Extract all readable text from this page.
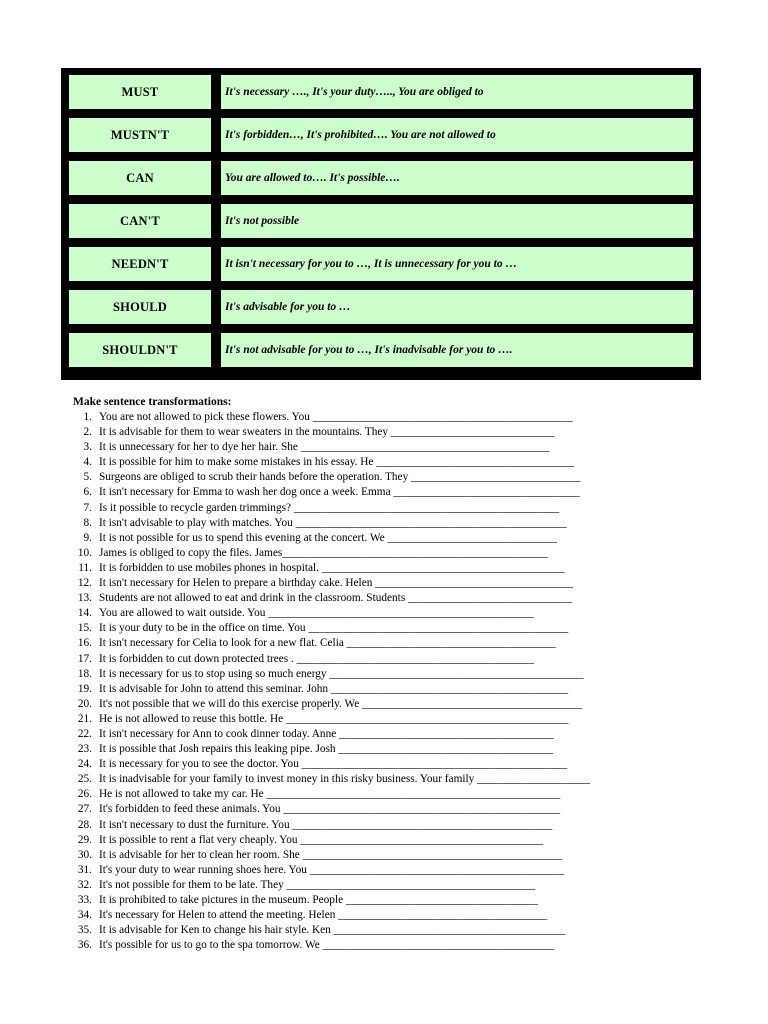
MUST	It's necessary …., It's your duty….., You are obliged to
MUSTN'T	It's forbidden…, It's prohibited…. You are not allowed to
CAN	You are allowed to…. It's possible….
CAN'T	It's not possible
NEEDN'T	It isn't necessary for you to …, It is unnecessary for you to …
SHOULD	It's advisable for you to …
SHOULDN'T	It's not advisable for you to …, It's inadvisable for you to ….
Make sentence transformations:
1. You are not allowed to pick these flowers. You ______________________________________________
2. It is advisable for them to wear sweaters in the mountains. They _____________________________
3. It is unnecessary for her to dye her hair. She ____________________________________________
4. It is possible for him to make some mistakes in his essay. He ___________________________________
5. Surgeons are obliged to scrub their hands before the operation. They ______________________________
6. It isn't necessary for Emma to wash her dog once a week. Emma _________________________________
7. Is it possible to recycle garden trimmings? _______________________________________________
8. It isn't advisable to play with matches. You ________________________________________________
9. It is not possible for us to spend this evening at the concert. We ______________________________
10. James is obliged to copy the files. James_______________________________________________
11. It is forbidden to use mobiles phones in hospital. ___________________________________________
12. It isn't necessary for Helen to prepare a birthday cake. Helen ___________________________________
13. Students are not allowed to eat and drink in the classroom. Students _____________________________
14. You are allowed to wait outside. You _______________________________________________
15. It is your duty to be in the office on time. You ______________________________________________
16. It isn't necessary for Celia to look for a new flat. Celia _____________________________________
17. It is forbidden to cut down protected trees . __________________________________________
18. It is necessary for us to stop using so much energy _____________________________________________
19. It is advisable for John to attend this seminar. John __________________________________________
20. It's not possible that we will do this exercise properly. We _______________________________________
21. He is not allowed to reuse this bottle. He __________________________________________________
22. It isn't necessary for Ann to cook dinner today. Anne ______________________________________
23. It is possible that Josh repairs this leaking pipe. Josh ______________________________________
24. It is necessary for you to see the doctor. You _______________________________________________
25. It is inadvisable for your family to invest money in this risky business. Your family ____________________
26. He is not allowed to take my car. He ____________________________________________________
27. It's forbidden to feed these animals. You _________________________________________________
28. It isn't necessary to dust the furniture. You ______________________________________________
29. It is possible to rent a flat very cheaply. You ___________________________________________
30. It is advisable for her to clean her room. She ______________________________________________
31. It's your duty to wear running shoes here. You _____________________________________________
32. It's not possible for them to be late. They ____________________________________________
33. It is prohibited to take pictures in the museum. People __________________________________
34. It's necessary for Helen to attend the meeting. Helen _____________________________________
35. It is advisable for Ken to change his hair style. Ken _________________________________________
36. It's possible for us to go to the spa tomorrow. We _________________________________________
